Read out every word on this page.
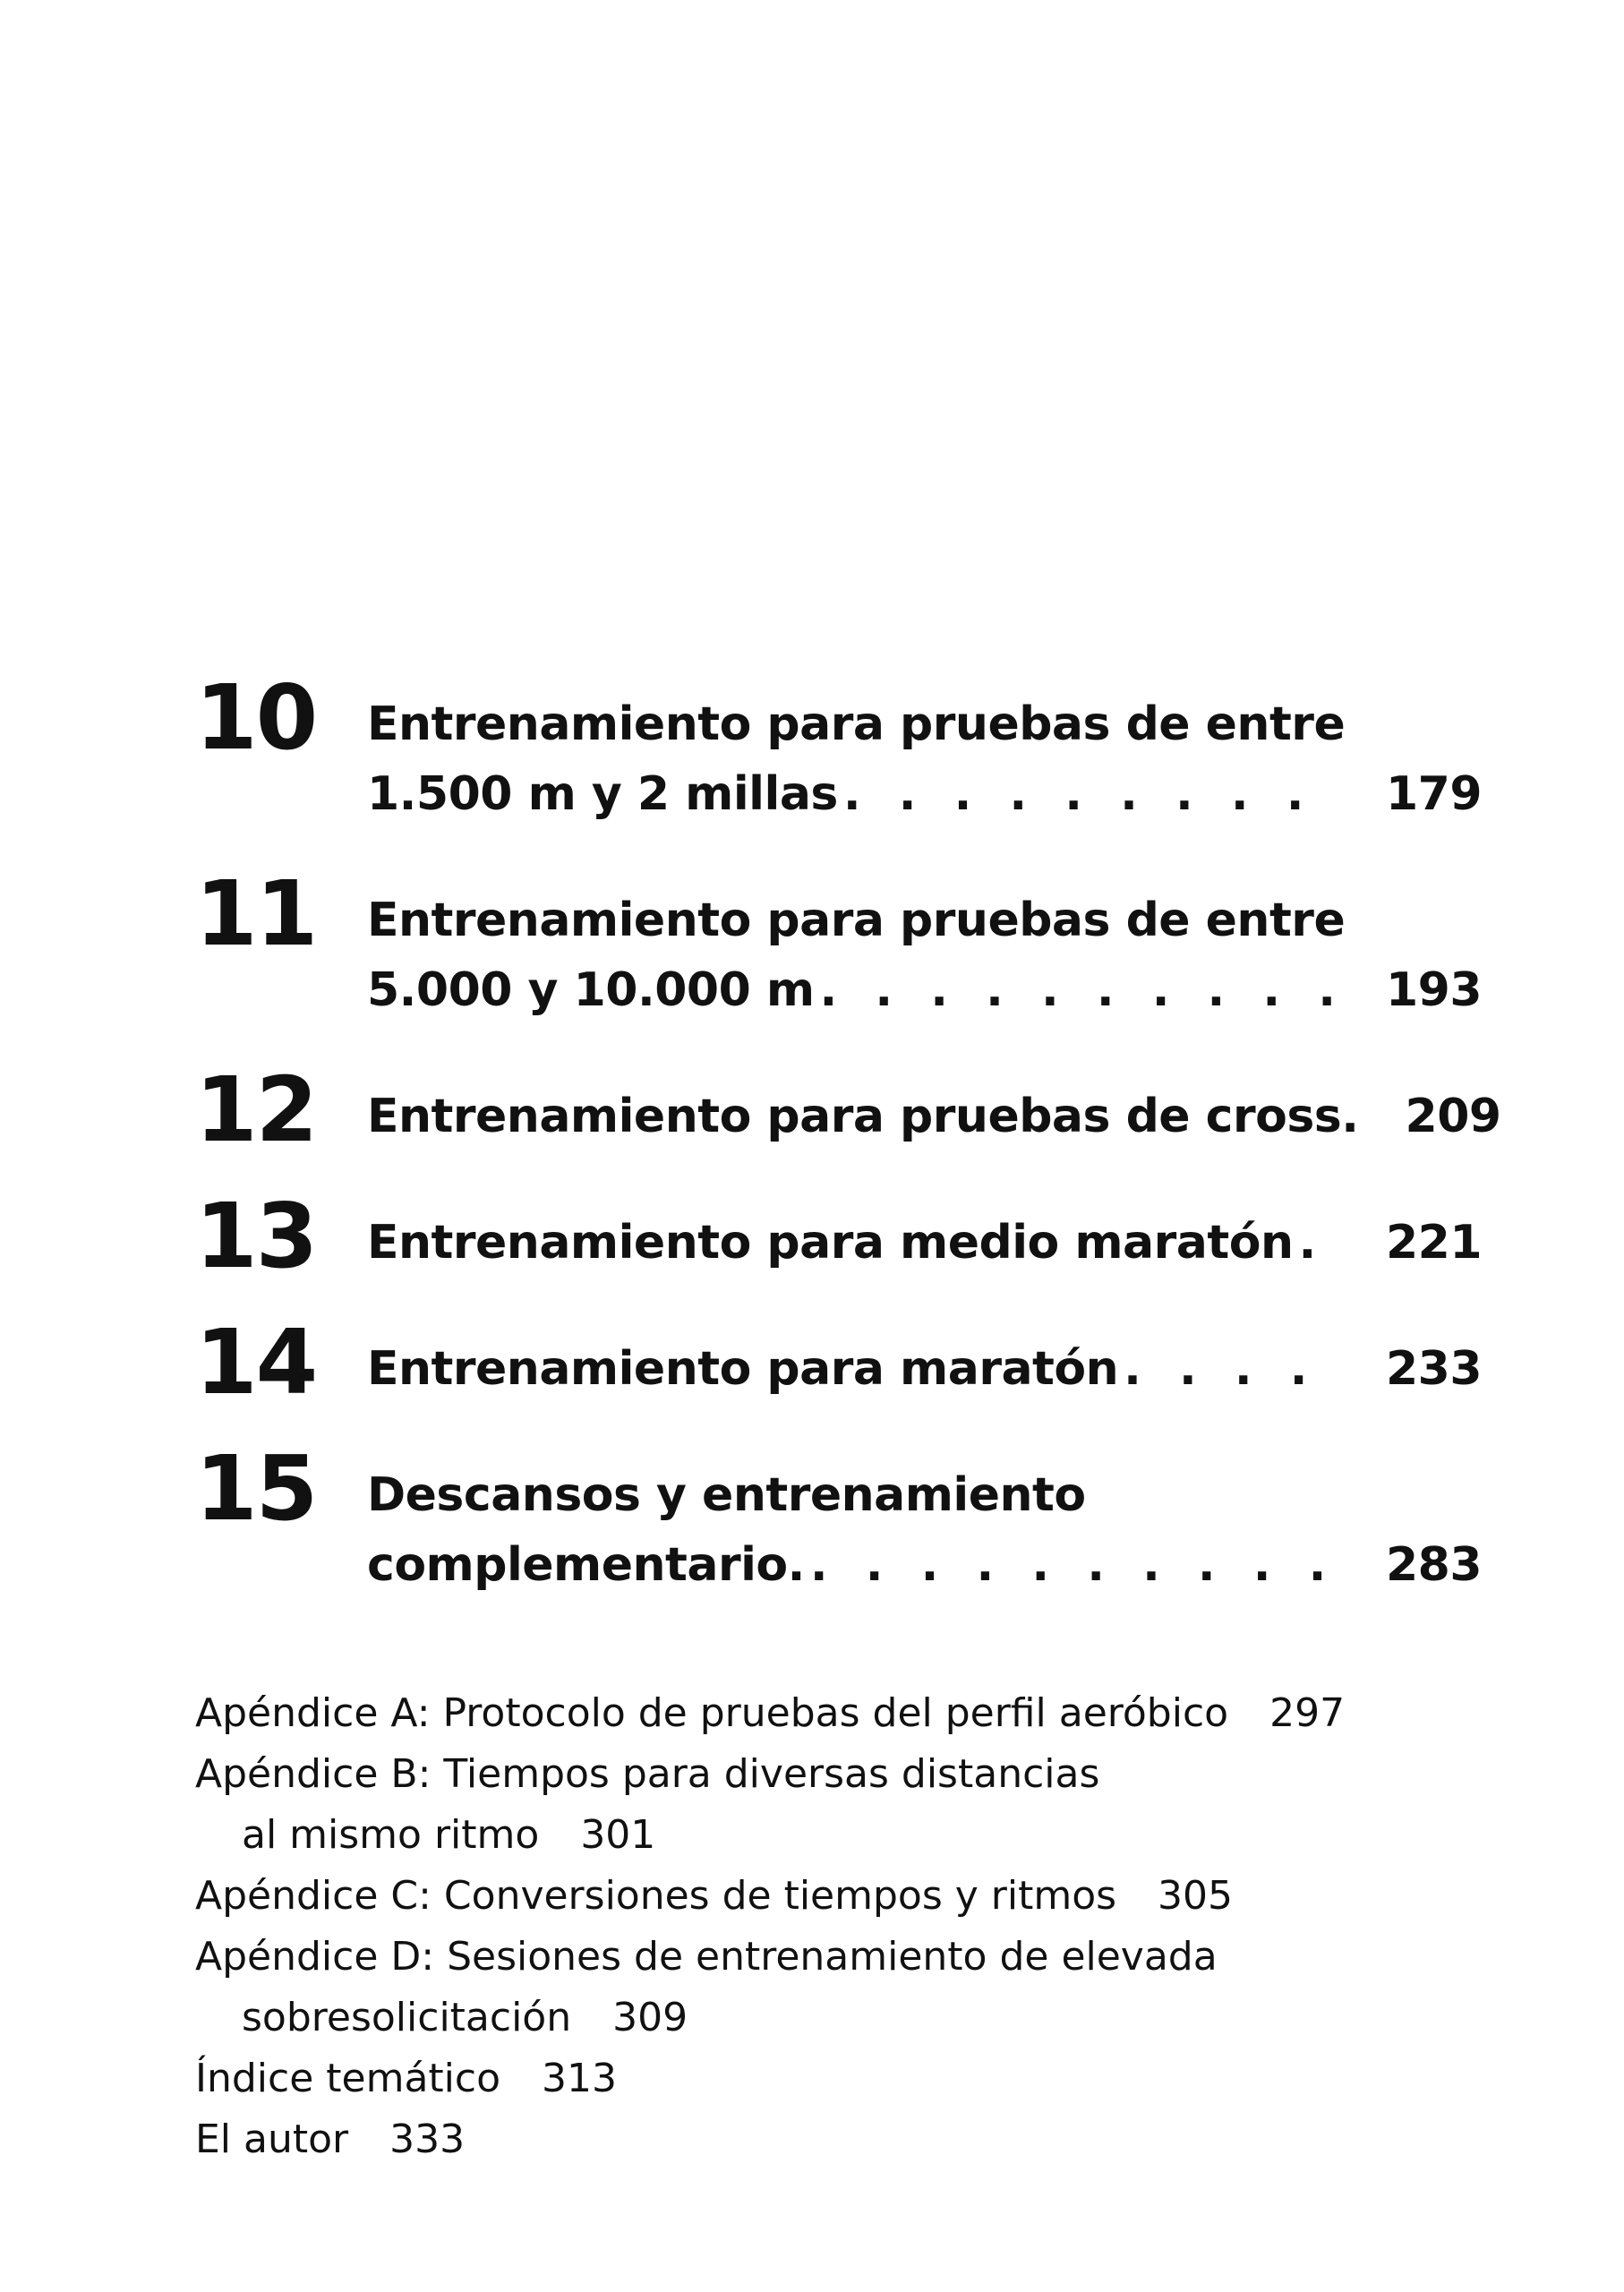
10 Entrenamiento para pruebas de entre
1.500 m y 2 millas . . .	179
11 Entrenamiento para pruebas de entre
5.000 y 10.000 m . . .	193
12 Entrenamiento para pruebas de cross. 209
13 Entrenamiento para medio maratón . . . 221
14 Entrenamiento para maratón . . .	233
15 Descansos y entrenamiento
complementario. . . .	283
Apéndice A: Protocolo de pruebas del perfil aeróbico 297
Apéndice B: Tiempos para diversas distancias
al mismo ritmo 301
Apéndice C: Conversiones de tiempos y ritmos 305
Apéndice D: Sesiones de entrenamiento de elevada
sobresolicitación 309
Índice temático 313
El autor 333
